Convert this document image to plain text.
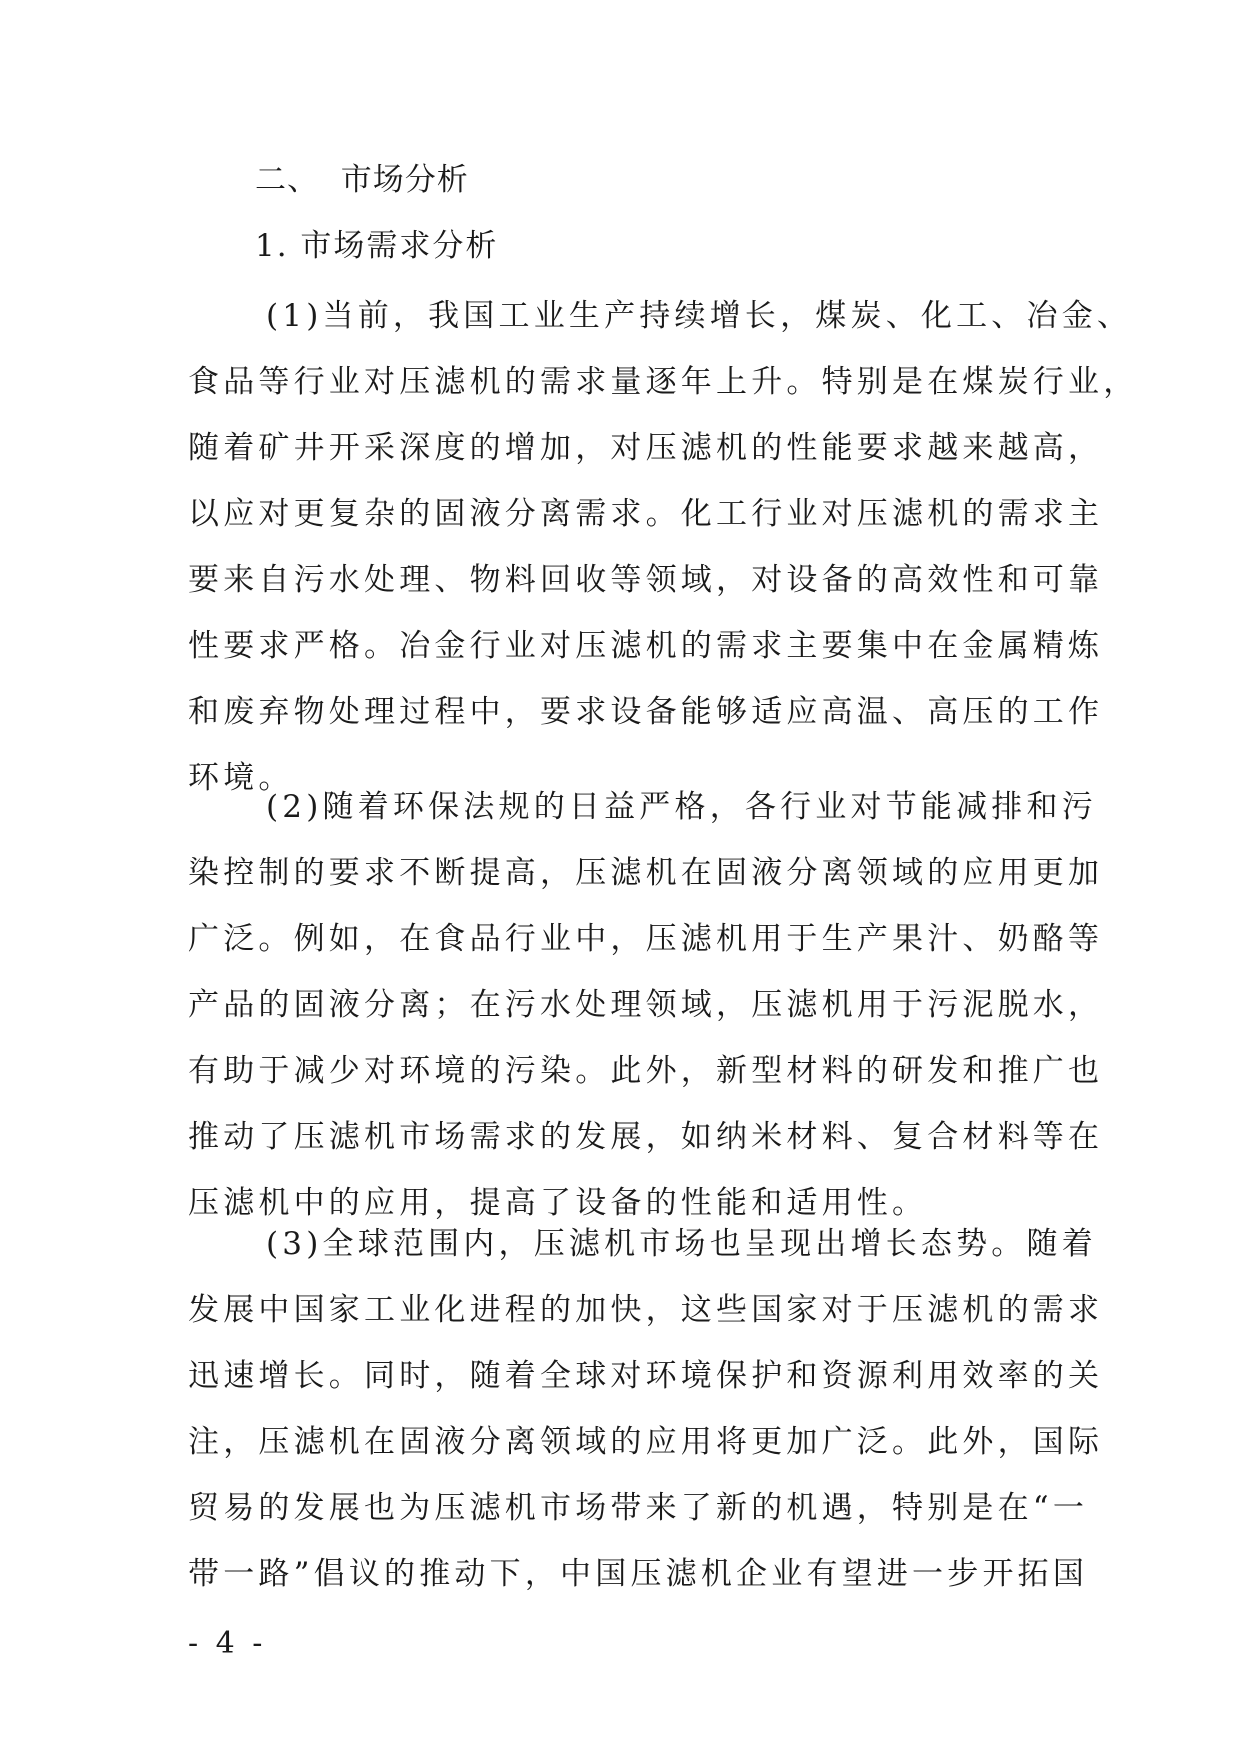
二、  市场分析
1. 市场需求分析
(1)当前，我国工业生产持续增长，煤炭、化工、冶金、
食品等行业对压滤机的需求量逐年上升。特别是在煤炭行业，
随着矿井开采深度的增加，对压滤机的性能要求越来越高，
以应对更复杂的固液分离需求。化工行业对压滤机的需求主
要来自污水处理、物料回收等领域，对设备的高效性和可靠
性要求严格。冶金行业对压滤机的需求主要集中在金属精炼
和废弃物处理过程中，要求设备能够适应高温、高压的工作
环境。
(2)随着环保法规的日益严格，各行业对节能减排和污
染控制的要求不断提高，压滤机在固液分离领域的应用更加
广泛。例如，在食品行业中，压滤机用于生产果汁、奶酪等
产品的固液分离；在污水处理领域，压滤机用于污泥脱水，
有助于减少对环境的污染。此外，新型材料的研发和推广也
推动了压滤机市场需求的发展，如纳米材料、复合材料等在
压滤机中的应用，提高了设备的性能和适用性。
(3)全球范围内，压滤机市场也呈现出增长态势。随着
发展中国家工业化进程的加快，这些国家对于压滤机的需求
迅速增长。同时，随着全球对环境保护和资源利用效率的关
注，压滤机在固液分离领域的应用将更加广泛。此外，国际
贸易的发展也为压滤机市场带来了新的机遇，特别是在“一
带一路”倡议的推动下，中国压滤机企业有望进一步开拓国
- 4 -
